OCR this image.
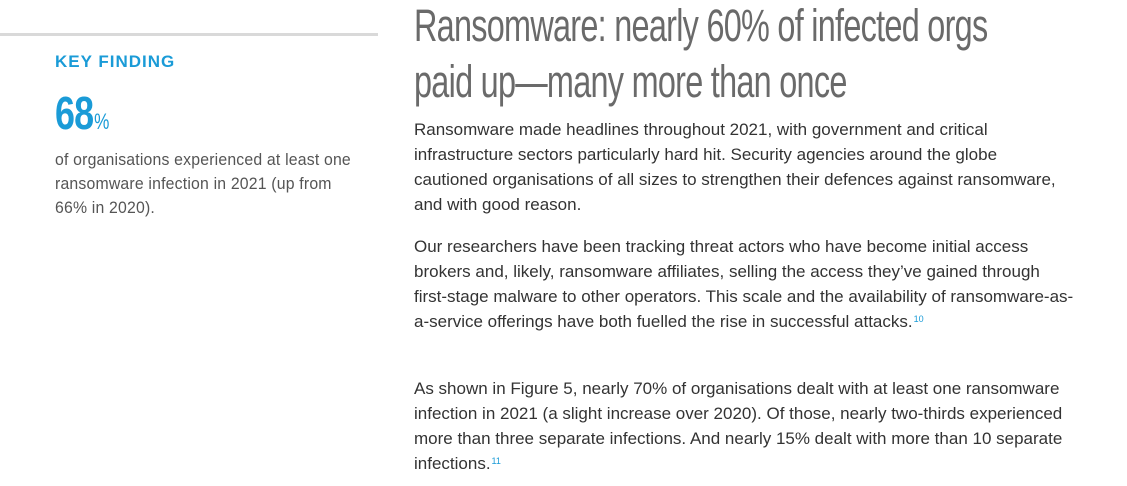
KEY FINDING

68%
of organisations experienced at least one ransomware infection in 2021 (up from 66% in 2020).
Ransomware: nearly 60% of infected orgs
paid up—many more than once

Ransomware made headlines throughout 2021, with government and critical infrastructure sectors particularly hard hit. Security agencies around the globe cautioned organisations of all sizes to strengthen their defences against ransomware, and with good reason.

Our researchers have been tracking threat actors who have become initial access brokers and, likely, ransomware affiliates, selling the access they’ve gained through first-stage malware to other operators. This scale and the availability of ransomware-as-a-service offerings have both fuelled the rise in successful attacks.$^{10}$

As shown in Figure 5, nearly 70% of organisations dealt with at least one ransomware infection in 2021 (a slight increase over 2020). Of those, nearly two-thirds experienced more than three separate infections. And nearly 15% dealt with more than 10 separate infections.$^{11}$
